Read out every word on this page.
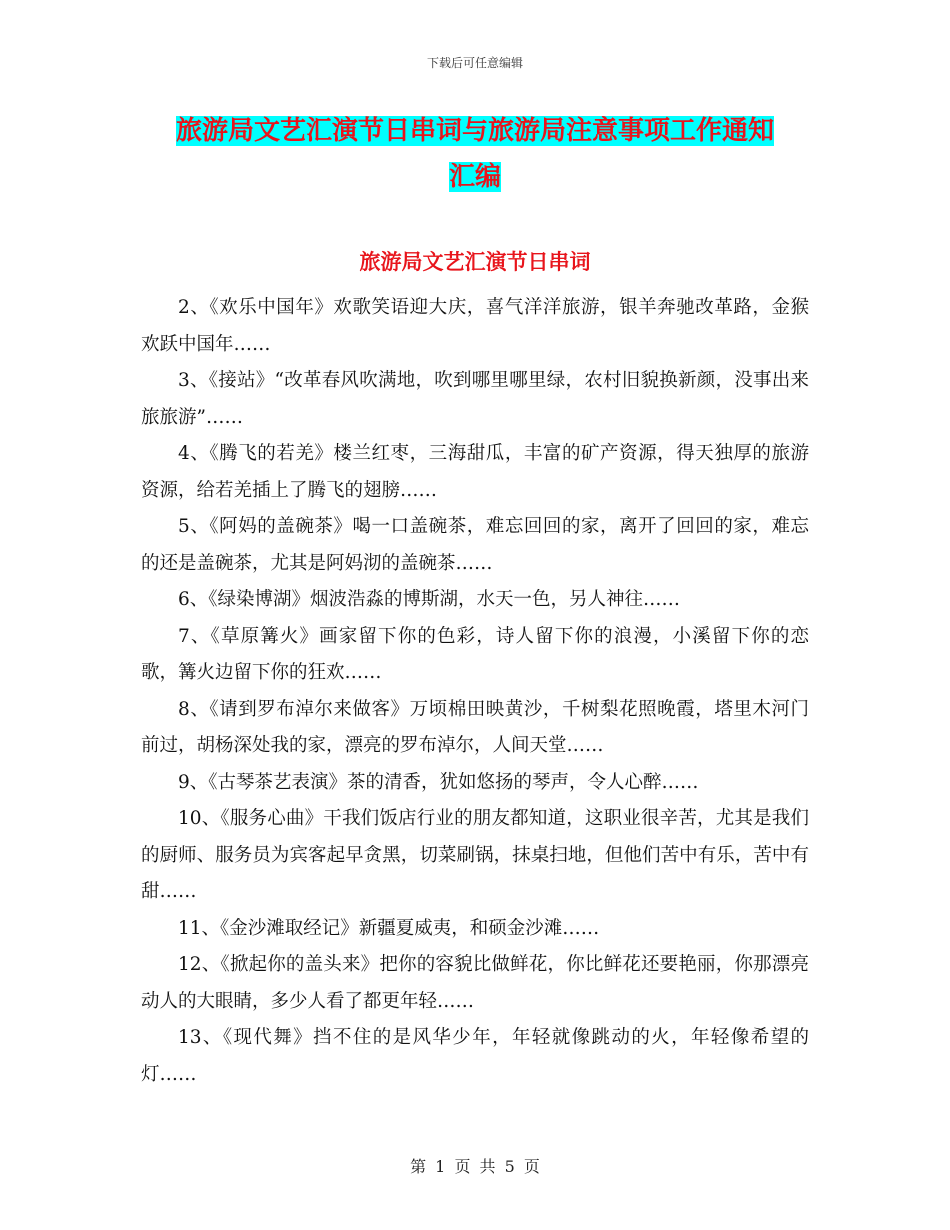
下载后可任意编辑
旅游局文艺汇演节日串词与旅游局注意事项工作通知
汇编
旅游局文艺汇演节日串词

2、《欢乐中国年》欢歌笑语迎大庆，喜气洋洋旅游，银羊奔驰改革路，金猴欢跃中国年……

3、《接站》“改革春风吹满地，吹到哪里哪里绿，农村旧貌换新颜，没事出来旅旅游”……

4、《腾飞的若羌》楼兰红枣，三海甜瓜，丰富的矿产资源，得天独厚的旅游资源，给若羌插上了腾飞的翅膀……

5、《阿妈的盖碗茶》喝一口盖碗茶，难忘回回的家，离开了回回的家，难忘的还是盖碗茶，尤其是阿妈沏的盖碗茶……

6、《绿染博湖》烟波浩淼的博斯湖，水天一色，另人神往……

7、《草原篝火》画家留下你的色彩，诗人留下你的浪漫，小溪留下你的恋歌，篝火边留下你的狂欢……

8、《请到罗布淖尔来做客》万顷棉田映黄沙，千树梨花照晚霞，塔里木河门前过，胡杨深处我的家，漂亮的罗布淖尔，人间天堂……

9、《古琴茶艺表演》茶的清香，犹如悠扬的琴声，令人心醉……

10、《服务心曲》干我们饭店行业的朋友都知道，这职业很辛苦，尤其是我们的厨师、服务员为宾客起早贪黑，切菜刷锅，抹桌扫地，但他们苦中有乐，苦中有甜……

11、《金沙滩取经记》新疆夏威夷，和硕金沙滩……

12、《掀起你的盖头来》把你的容貌比做鲜花，你比鲜花还要艳丽，你那漂亮动人的大眼睛，多少人看了都更年轻……

13、《现代舞》挡不住的是风华少年，年轻就像跳动的火，年轻像希望的灯……

第 1 页 共 5 页
